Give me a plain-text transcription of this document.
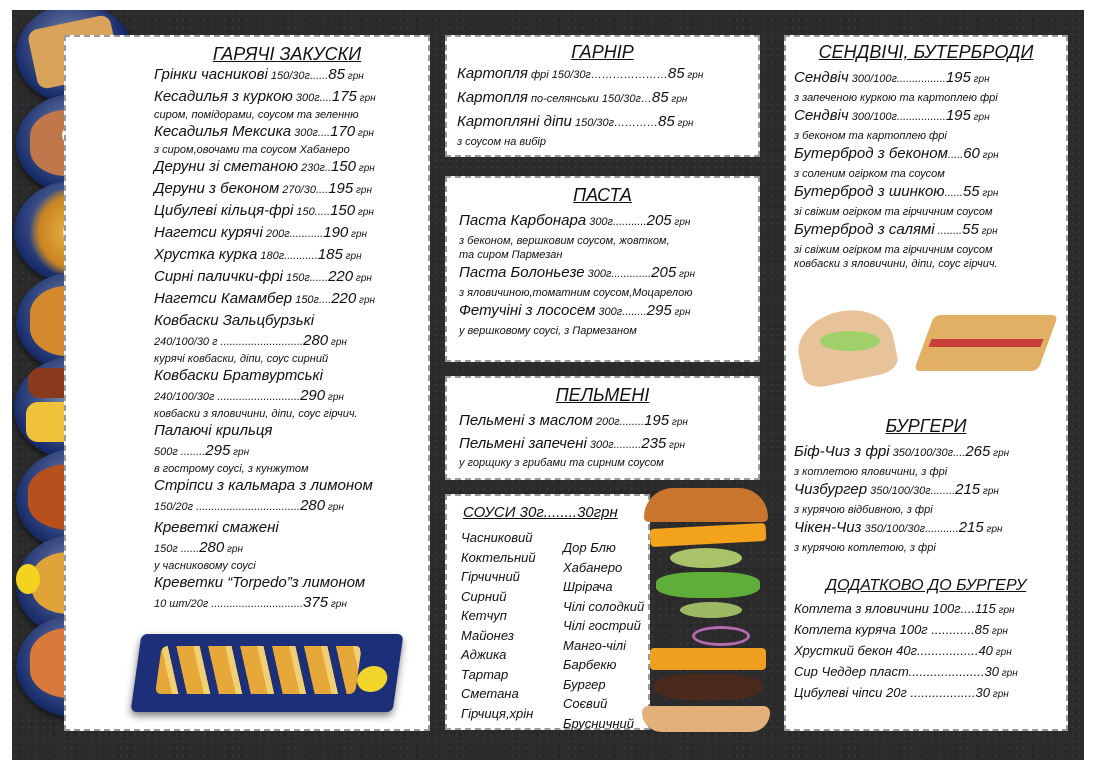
ГАРЯЧІ ЗАКУСКИ
Грінки часникові 150/30г......85 грн
Кесадилья з куркою 300г....175 грн
сиром, помідорами, соусом та зеленню
Кесадилья Мексика 300г....170 грн
з сиром,овочами та соусом Хабанеро
Деруни зі сметаною 230г..150 грн
Деруни з беконом 270/30....195 грн
Цибулеві кільця-фрі 150.....150 грн
Нагетси курячі 200г...........190 грн
Хрустка курка 180г...........185 грн
Сирні палички-фрі 150г......220 грн
Нагетси Камамбер 150г....220 грн
Ковбаски Зальцбурзькі
240/100/30 г ...........................280 грн
курячі ковбаски, діпи, соус сирний
Ковбаски Братвуртські
240/100/30г ...........................290 грн
ковбаски з яловичини, діпи, соус гірчич.
Палаючі крильця
500г ........295 грн
в гострому соусі, з кунжутом
Стріпси з кальмара з лимоном
150/20г ..................................280 грн
Креветкі смажені
150г ......280 грн
у часниковому соусі
Креветки “Torpedo”з лимоном
10 шт/20г ..............................375 грн
ГАРНІР
Картопля фрі 150/30г…………………85 грн
Картопля по-селянськи 150/30г…85 грн
Картопляні діпи 150/30г…………85 грн
з соусом на вибір
ПАСТА
Паста Карбонара 300г...........205 грн
з беконом, вершковим соусом, жовтком,
та сиром Пармезан
Паста Болоньезе 300г.............205 грн
з яловичиною,томатним соусом,Моцарелою
Фетучіні з лососем 300г........295 грн
у вершковому соусі, з Пармезаном
ПЕЛЬМЕНІ
Пельмені з маслом 200г........195 грн
Пельмені запечені 300г.........235 грн
у горщику з грибами та сирним соусом
СОУСИ 30г........30грн
Часниковий
Коктельний
Гірчичний
Сирний
Кетчуп
Майонез
Аджика
Тартар
Сметана
Гірчиця,хрін
Дор Блю
Хабанеро
Шрірача
Чілі солодкий
Чілі гострий
Манго-чілі
Барбекю
Бургер
Соєвий
Брусничний
СЕНДВІЧІ, БУТЕРБРОДИ
Сендвіч 300/100г................195 грн
з запеченою куркою та картоплею фрі
Сендвіч 300/100г................195 грн
з беконом та картоплею фрі
Бутерброд з беконом.....60 грн
з соленим огірком та соусом
Бутерброд з шинкою......55 грн
зі свіжим огірком та гірчичним соусом
Бутерброд з салямі ........55 грн
зі свіжим огірком та гірчичним соусом
ковбаски з яловичини, діпи, соус гірчич.
БУРГЕРИ
Біф-Чиз з фрі 350/100/30г....265 грн
з котлетою яловичини, з фрі
Чизбургер 350/100/30г........215 грн
з курячою відбивною, з фрі
Чікен-Чиз 350/100/30г...........215 грн
з курячою котлетою, з фрі
ДОДАТКОВО ДО БУРГЕРУ
Котлета з яловичини 100г....115 грн
Котлета куряча 100г ............85 грн
Хрусткий бекон 40г.................40 грн
Сир Чеддер пласт.....................30 грн
Цибулеві чіпси 20г ..................30 грн
